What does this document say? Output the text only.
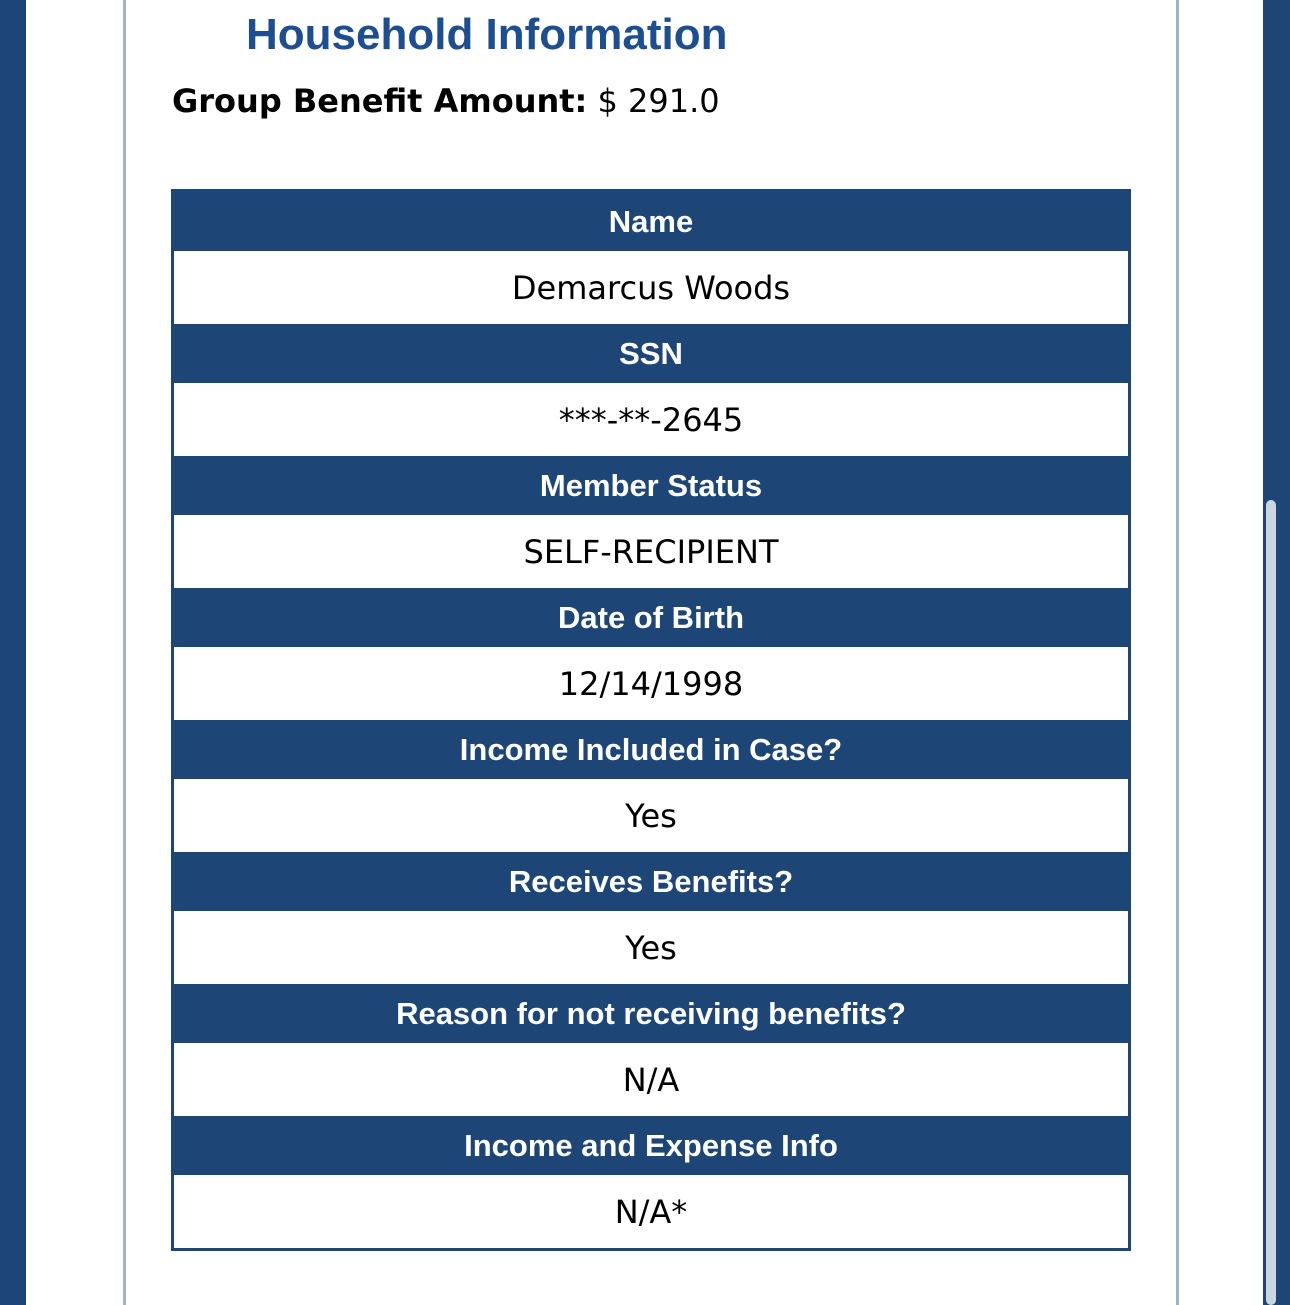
Household Information
Group Benefit Amount: $ 291.0
Name
Demarcus Woods
SSN
***-**-2645
Member Status
SELF-RECIPIENT
Date of Birth
12/14/1998
Income Included in Case?
Yes
Receives Benefits?
Yes
Reason for not receiving benefits?
N/A
Income and Expense Info
N/A*
